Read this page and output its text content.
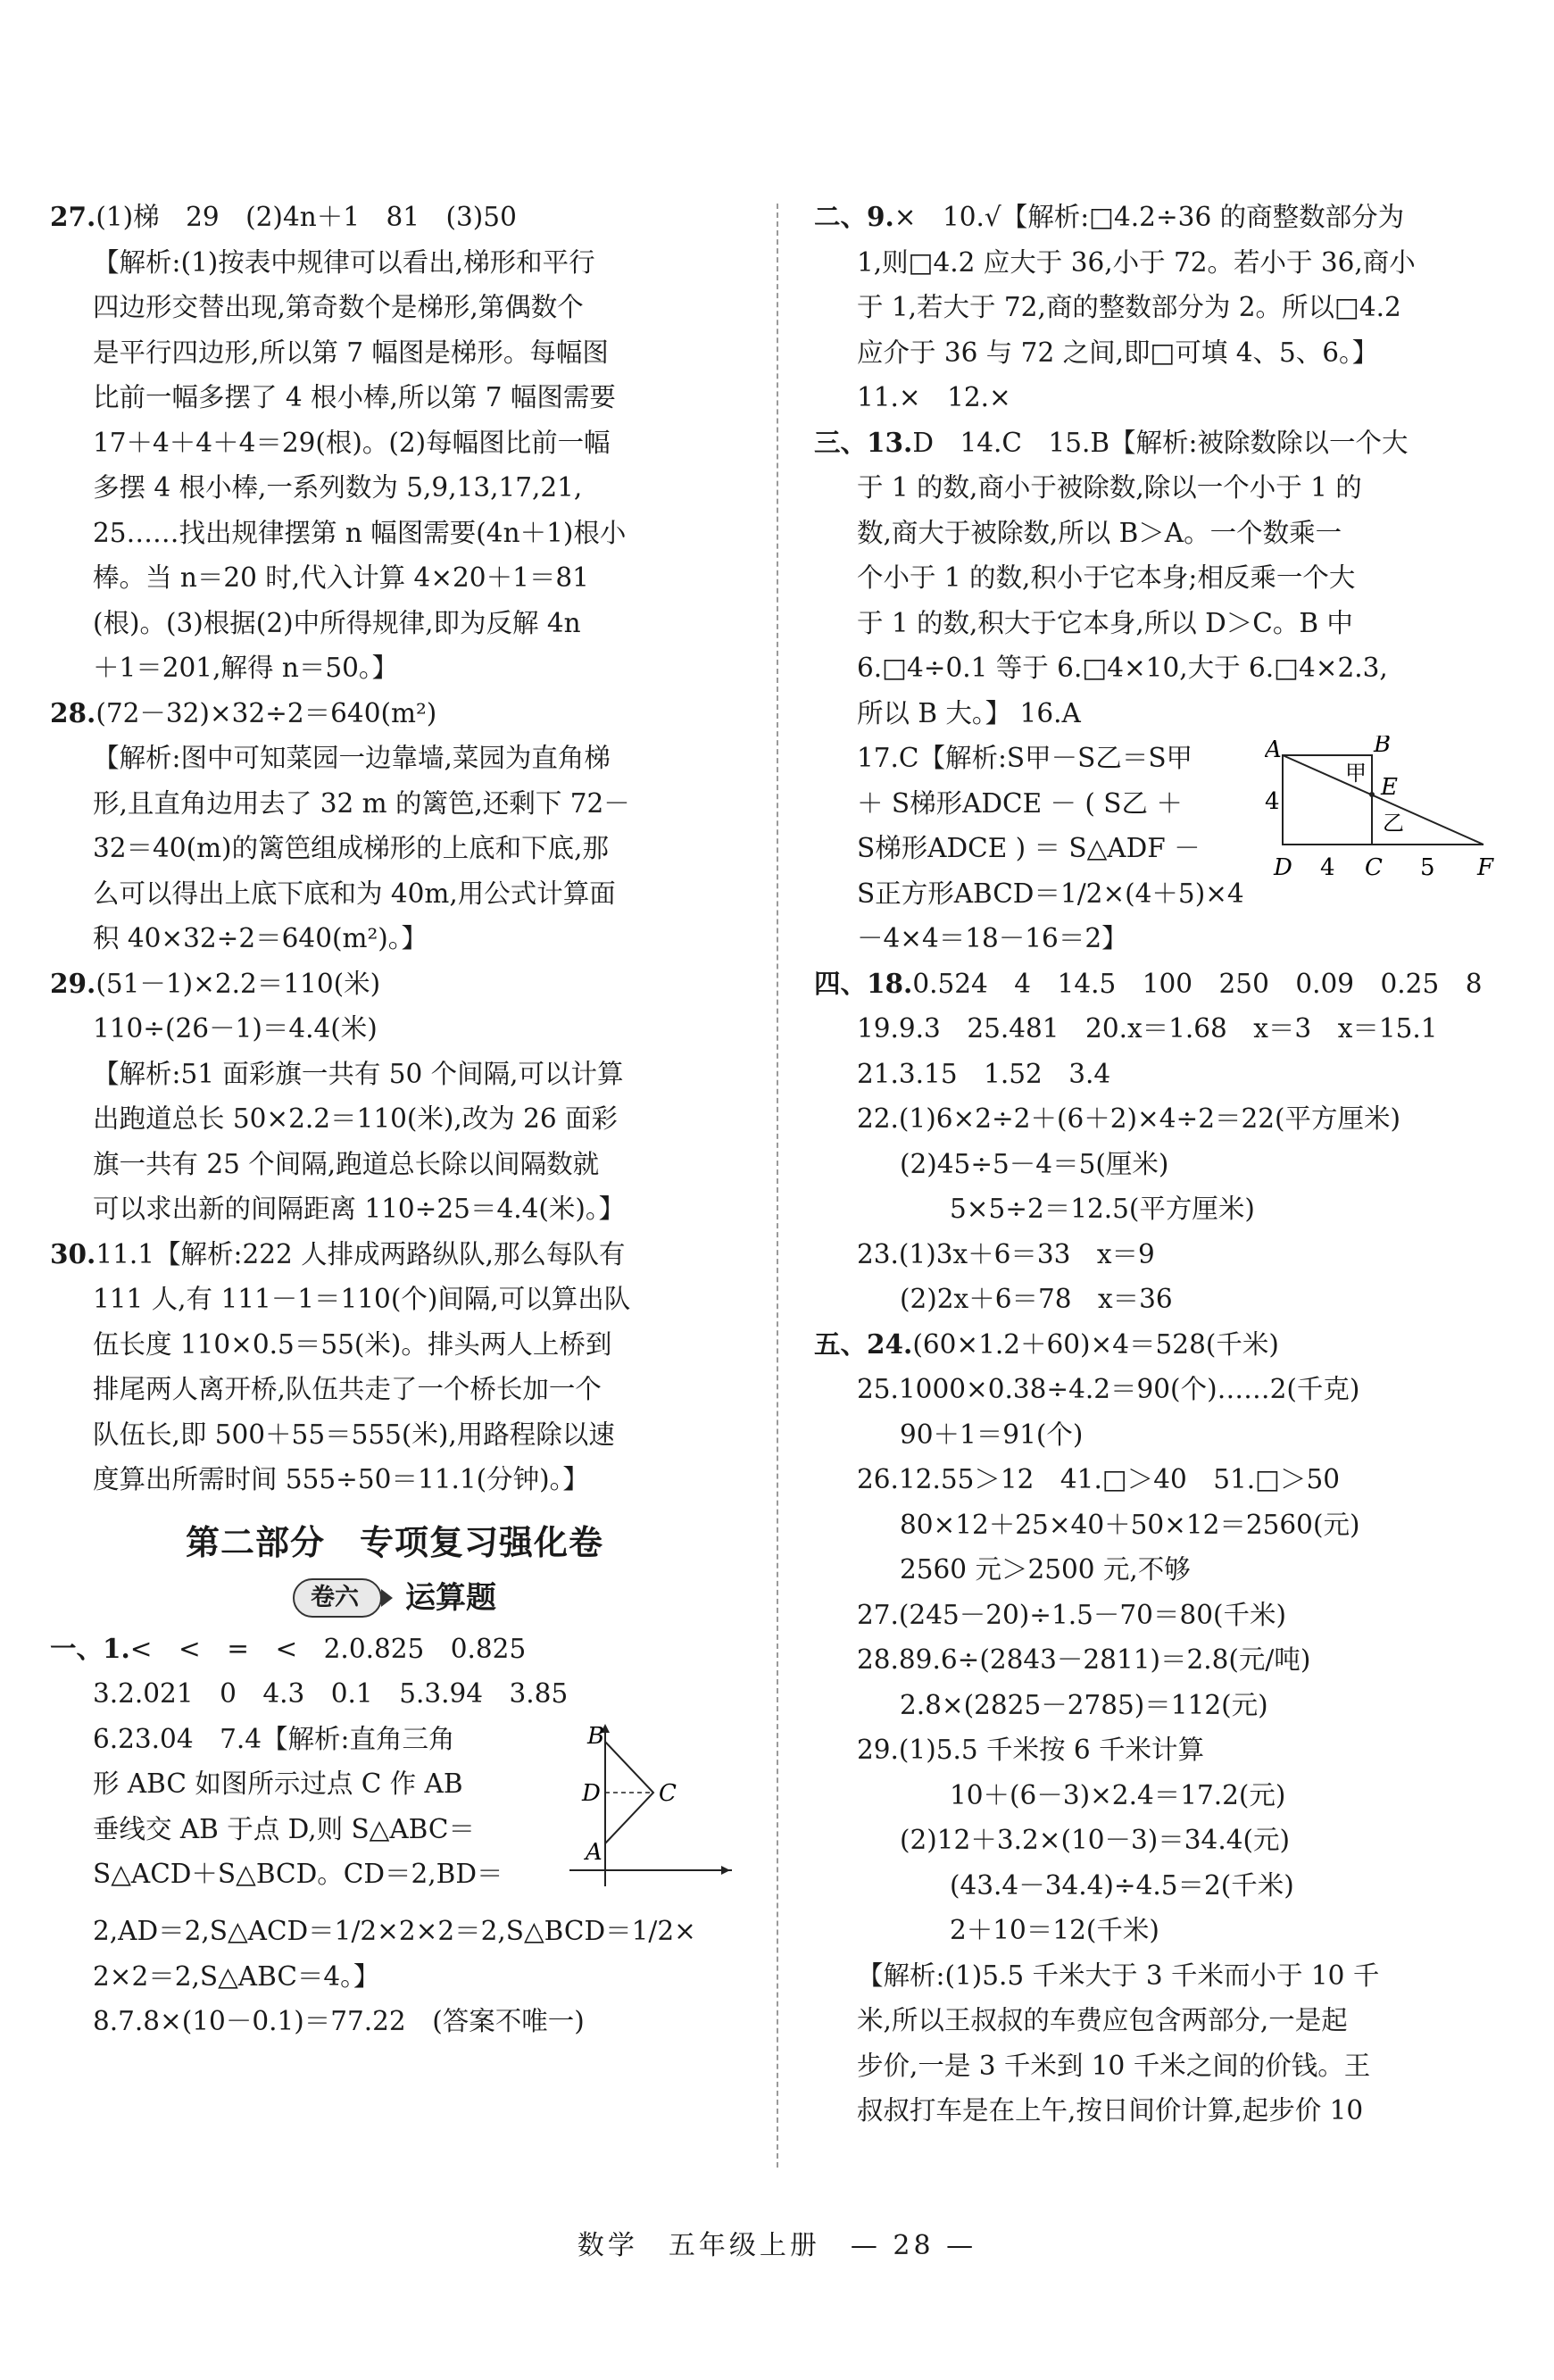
27.(1)梯　29　(2)4n＋1　81　(3)50
【解析:(1)按表中规律可以看出,梯形和平行
四边形交替出现,第奇数个是梯形,第偶数个
是平行四边形,所以第 7 幅图是梯形。每幅图
比前一幅多摆了 4 根小棒,所以第 7 幅图需要
17＋4＋4＋4＝29(根)。(2)每幅图比前一幅
多摆 4 根小棒,一系列数为 5,9,13,17,21,
25……找出规律摆第 n 幅图需要(4n＋1)根小
棒。当 n＝20 时,代入计算 4×20＋1＝81
(根)。(3)根据(2)中所得规律,即为反解 4n
＋1＝201,解得 n＝50。】
28.(72－32)×32÷2＝640(m²)
【解析:图中可知菜园一边靠墙,菜园为直角梯
形,且直角边用去了 32 m 的篱笆,还剩下 72－
32＝40(m)的篱笆组成梯形的上底和下底,那
么可以得出上底下底和为 40m,用公式计算面
积 40×32÷2＝640(m²)。】
29.(51－1)×2.2＝110(米)
110÷(26－1)＝4.4(米)
【解析:51 面彩旗一共有 50 个间隔,可以计算
出跑道总长 50×2.2＝110(米),改为 26 面彩
旗一共有 25 个间隔,跑道总长除以间隔数就
可以求出新的间隔距离 110÷25＝4.4(米)。】
30.11.1【解析:222 人排成两路纵队,那么每队有
111 人,有 111－1＝110(个)间隔,可以算出队
伍长度 110×0.5＝55(米)。排头两人上桥到
排尾两人离开桥,队伍共走了一个桥长加一个
队伍长,即 500＋55＝555(米),用路程除以速
度算出所需时间 555÷50＝11.1(分钟)。】
第二部分　专项复习强化卷
卷六	运算题
一、1.<　<　=　<　2.0.825　0.825
3.2.021　0　4.3　0.1　5.3.94　3.85
6.23.04　7.4【解析:直角三角
形 ABC 如图所示过点 C 作 AB
垂线交 AB 于点 D,则 S△ABC＝
S△ACD＋S△BCD。CD＝2,BD＝
B
D	C
A
2,AD＝2,S△ACD＝1/2×2×2＝2,S△BCD＝1/2×
2×2＝2,S△ABC＝4。】
8.7.8×(10－0.1)＝77.22　(答案不唯一)
二、9.×　10.√【解析:□4.2÷36 的商整数部分为
1,则□4.2 应大于 36,小于 72。若小于 36,商小
于 1,若大于 72,商的整数部分为 2。所以□4.2
应介于 36 与 72 之间,即□可填 4、5、6。】
11.×　12.×
三、13.D　14.C　15.B【解析:被除数除以一个大
于 1 的数,商小于被除数,除以一个小于 1 的
数,商大于被除数,所以 B＞A。一个数乘一
个小于 1 的数,积小于它本身;相反乘一个大
于 1 的数,积大于它本身,所以 D＞C。B 中
6.□4÷0.1 等于 6.□4×10,大于 6.□4×2.3,
所以 B 大。】 16.A
17.C【解析:S甲－S乙＝S甲
＋ S梯形ADCE － ( S乙 ＋
S梯形ADCE ) ＝ S△ADF －
S正方形ABCD＝1/2×(4＋5)×4
A	B
E
甲
乙
4
D 4 C 5 F
－4×4＝18－16＝2】
四、18.0.524　4　14.5　100　250　0.09　0.25　8
19.9.3　25.481　20.x＝1.68　x＝3　x＝15.1
21.3.15　1.52　3.4
22.(1)6×2÷2＋(6＋2)×4÷2＝22(平方厘米)
(2)45÷5－4＝5(厘米)
5×5÷2＝12.5(平方厘米)
23.(1)3x＋6＝33　x＝9
(2)2x＋6＝78　x＝36
五、24.(60×1.2＋60)×4＝528(千米)
25.1000×0.38÷4.2＝90(个)……2(千克)
90＋1＝91(个)
26.12.55＞12　41.□＞40　51.□＞50
80×12＋25×40＋50×12＝2560(元)
2560 元＞2500 元,不够
27.(245－20)÷1.5－70＝80(千米)
28.89.6÷(2843－2811)＝2.8(元/吨)
2.8×(2825－2785)＝112(元)
29.(1)5.5 千米按 6 千米计算
10＋(6－3)×2.4＝17.2(元)
(2)12＋3.2×(10－3)＝34.4(元)
(43.4－34.4)÷4.5＝2(千米)
2＋10＝12(千米)
【解析:(1)5.5 千米大于 3 千米而小于 10 千
米,所以王叔叔的车费应包含两部分,一是起
步价,一是 3 千米到 10 千米之间的价钱。王
叔叔打车是在上午,按日间价计算,起步价 10
数学　五年级上册　— 28 —
